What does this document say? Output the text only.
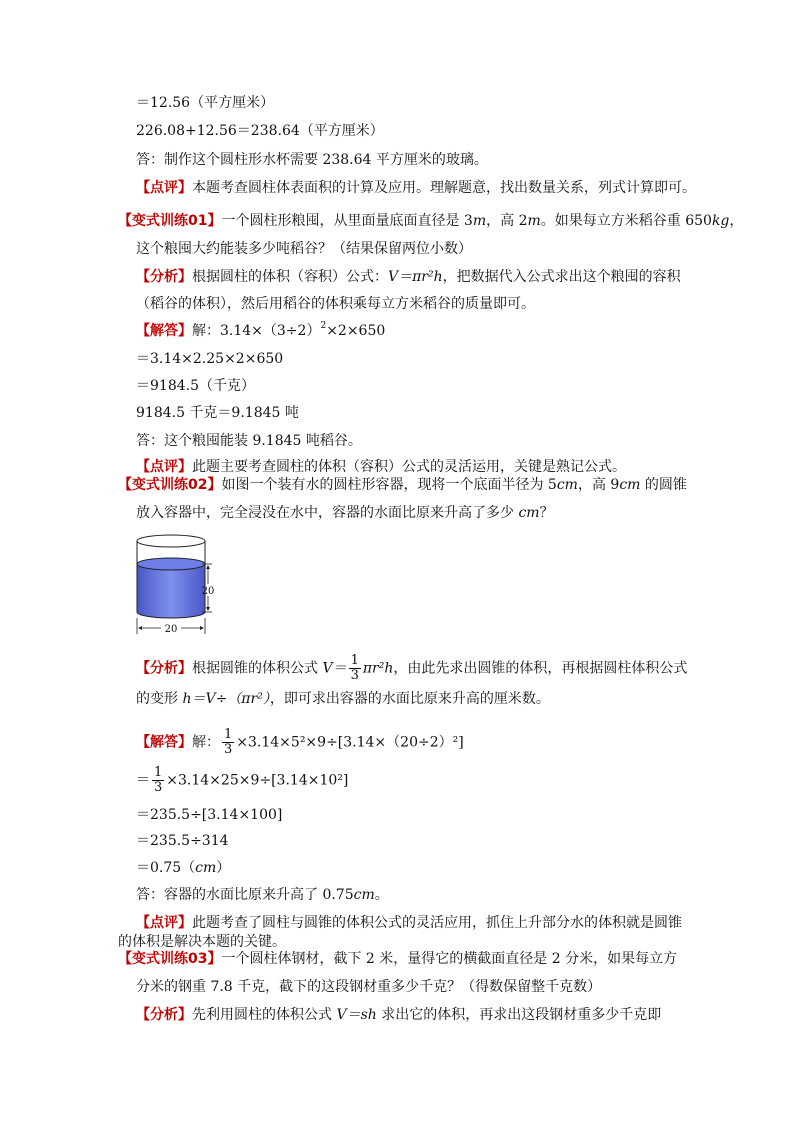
＝12.56（平方厘米）
226.08+12.56＝238.64（平方厘米）
答：制作这个圆柱形水杯需要 238.64 平方厘米的玻璃。
【点评】本题考查圆柱体表面积的计算及应用。理解题意，找出数量关系，列式计算即可。
【变式训练01】一个圆柱形粮囤，从里面量底面直径是 3m，高 2m。如果每立方米稻谷重 650kg，
这个粮囤大约能装多少吨稻谷？（结果保留两位小数）
【分析】根据圆柱的体积（容积）公式：V＝πr²h，把数据代入公式求出这个粮囤的容积
（稻谷的体积），然后用稻谷的体积乘每立方米稻谷的质量即可。
【解答】解：$3.14\times(3\div 2)^2\times 2\times 650$
＝3.14×2.25×2×650
＝9184.5（千克）
9184.5 千克＝9.1845 吨
答：这个粮囤能装 9.1845 吨稻谷。
【点评】此题主要考查圆柱的体积（容积）公式的灵活运用，关键是熟记公式。
【变式训练02】如图一个装有水的圆柱形容器，现将一个底面半径为 5cm，高 9cm 的圆锥
放入容器中，完全浸没在水中，容器的水面比原来升高了多少 cm？
20
20
【分析】根据圆锥的体积公式 $V= \frac{1}{3} \pi r^2h$，由此先求出圆锥的体积，再根据圆柱体积公式
的变形 h＝V÷（πr²），即可求出容器的水面比原来升高的厘米数。
【解答】解： $\frac{1}{3} \times 3.14\times 5^2\times 9\div[3.14\times(20\div 2)^2]$
＝ $\frac{1}{3} \times 3.14\times 25\times 9\div[3.14\times 10^2]$
＝235.5÷[3.14×100]
＝235.5÷314
＝0.75（cm）
答：容器的水面比原来升高了 0.75cm。
【点评】此题考查了圆柱与圆锥的体积公式的灵活应用，抓住上升部分水的体积就是圆锥
的体积是解决本题的关键。
【变式训练03】一个圆柱体钢材，截下 2 米，量得它的横截面直径是 2 分米，如果每立方
分米的钢重 7.8 千克，截下的这段钢材重多少千克？（得数保留整千克数）
【分析】先利用圆柱的体积公式 V＝sh 求出它的体积，再求出这段钢材重多少千克即
